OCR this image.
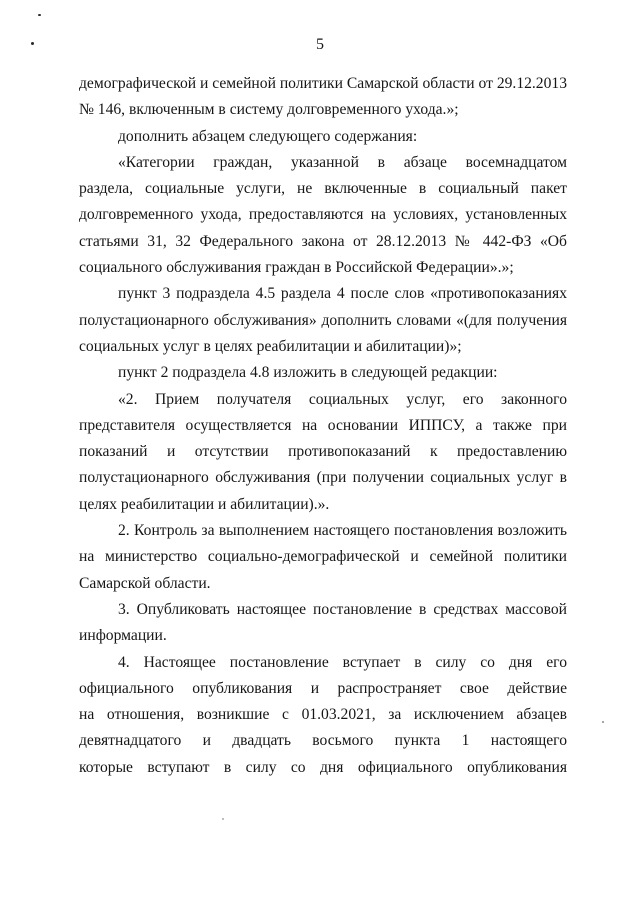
5
демографической и семейной политики Самарской области от 29.12.2013
№ 146, включенным в систему долговременного ухода.»;
дополнить абзацем следующего содержания:
«Категории граждан, указанной в абзаце восемнадцатом
раздела, социальные услуги, не включенные в социальный пакет
долговременного ухода, предоставляются на условиях, установленных
статьями 31, 32 Федерального закона от 28.12.2013 № 442-ФЗ «Об
социального обслуживания граждан в Российской Федерации».»;
пункт 3 подраздела 4.5 раздела 4 после слов «противопоказаниях
полустационарного обслуживания» дополнить словами «(для получения
социальных услуг в целях реабилитации и абилитации)»;
пункт 2 подраздела 4.8 изложить в следующей редакции:
«2. Прием получателя социальных услуг, его законного
представителя осуществляется на основании ИППСУ, а также при
показаний и отсутствии противопоказаний к предоставлению
полустационарного обслуживания (при получении социальных услуг в
целях реабилитации и абилитации).».
2. Контроль за выполнением настоящего постановления возложить
на министерство социально-демографической и семейной политики
Самарской области.
3. Опубликовать настоящее постановление в средствах массовой
информации.
4. Настоящее постановление вступает в силу со дня его
официального опубликования и распространяет свое действие
на отношения, возникшие с 01.03.2021, за исключением абзацев
девятнадцатого и двадцать восьмого пункта 1 настоящего
которые вступают в силу со дня официального опубликования
